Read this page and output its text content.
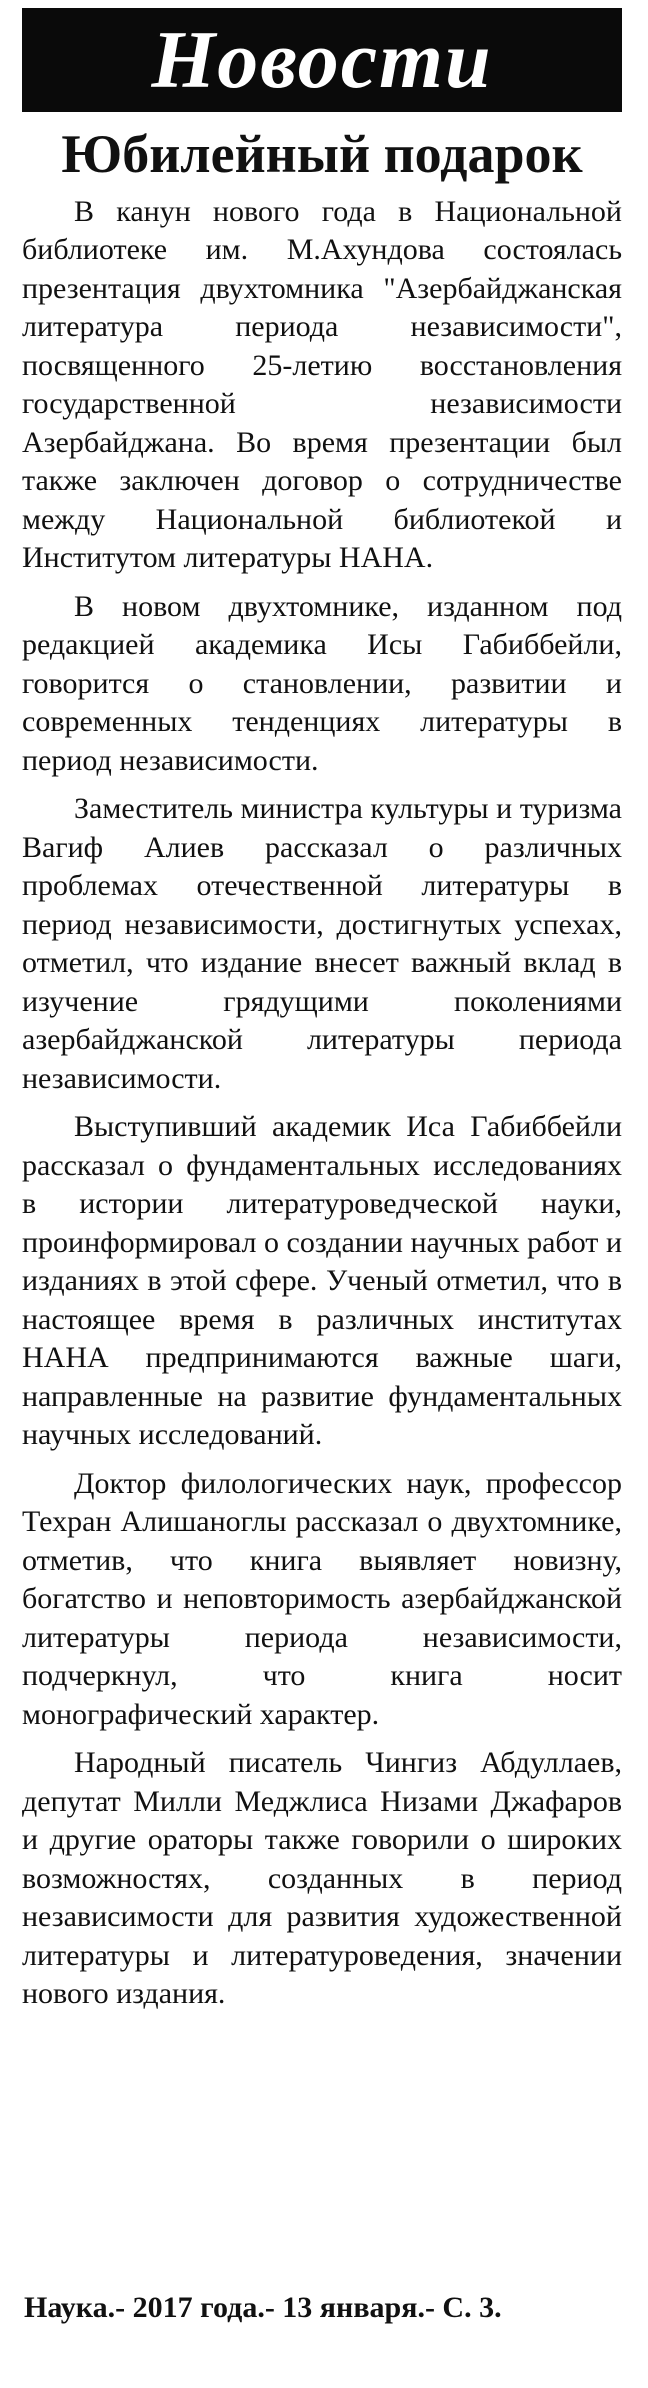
Новости
Юбилейный подарок

В канун нового года в Национальной библиотеке им. М.Ахундова состоялась презентация двухтомника "Азербайджанская литература периода независимости", посвященного 25-летию восстановления государственной независимости Азербайджана. Во время презентации был также заключен договор о сотрудничестве между Национальной библиотекой и Институтом литературы НАНА.

В новом двухтомнике, изданном под редакцией академика Исы Габиббейли, говорится о становлении, развитии и современных тенденциях литературы в период независимости.

Заместитель министра культуры и туризма Вагиф Алиев рассказал о различных проблемах отечественной литературы в период независимости, достигнутых успехах, отметил, что издание внесет важный вклад в изучение грядущими поколениями азербайджанской литературы периода независимости.

Выступивший академик Иса Габиббейли рассказал о фундаментальных исследованиях в истории литературоведческой науки, проинформировал о создании научных работ и изданиях в этой сфере. Ученый отметил, что в настоящее время в различных институтах НАНА предпринимаются важные шаги, направленные на развитие фундаментальных научных исследований.

Доктор филологических наук, профессор Техран Алишаноглы рассказал о двухтомнике, отметив, что книга выявляет новизну, богатство и неповторимость азербайджанской литературы периода независимости, подчеркнул, что книга носит монографический характер.

Народный писатель Чингиз Абдуллаев, депутат Милли Меджлиса Низами Джафаров и другие ораторы также говорили о широких возможностях, созданных в период независимости для развития художественной литературы и литературоведения, значении нового издания.

Наука.- 2017 года.- 13 января.- С. 3.
